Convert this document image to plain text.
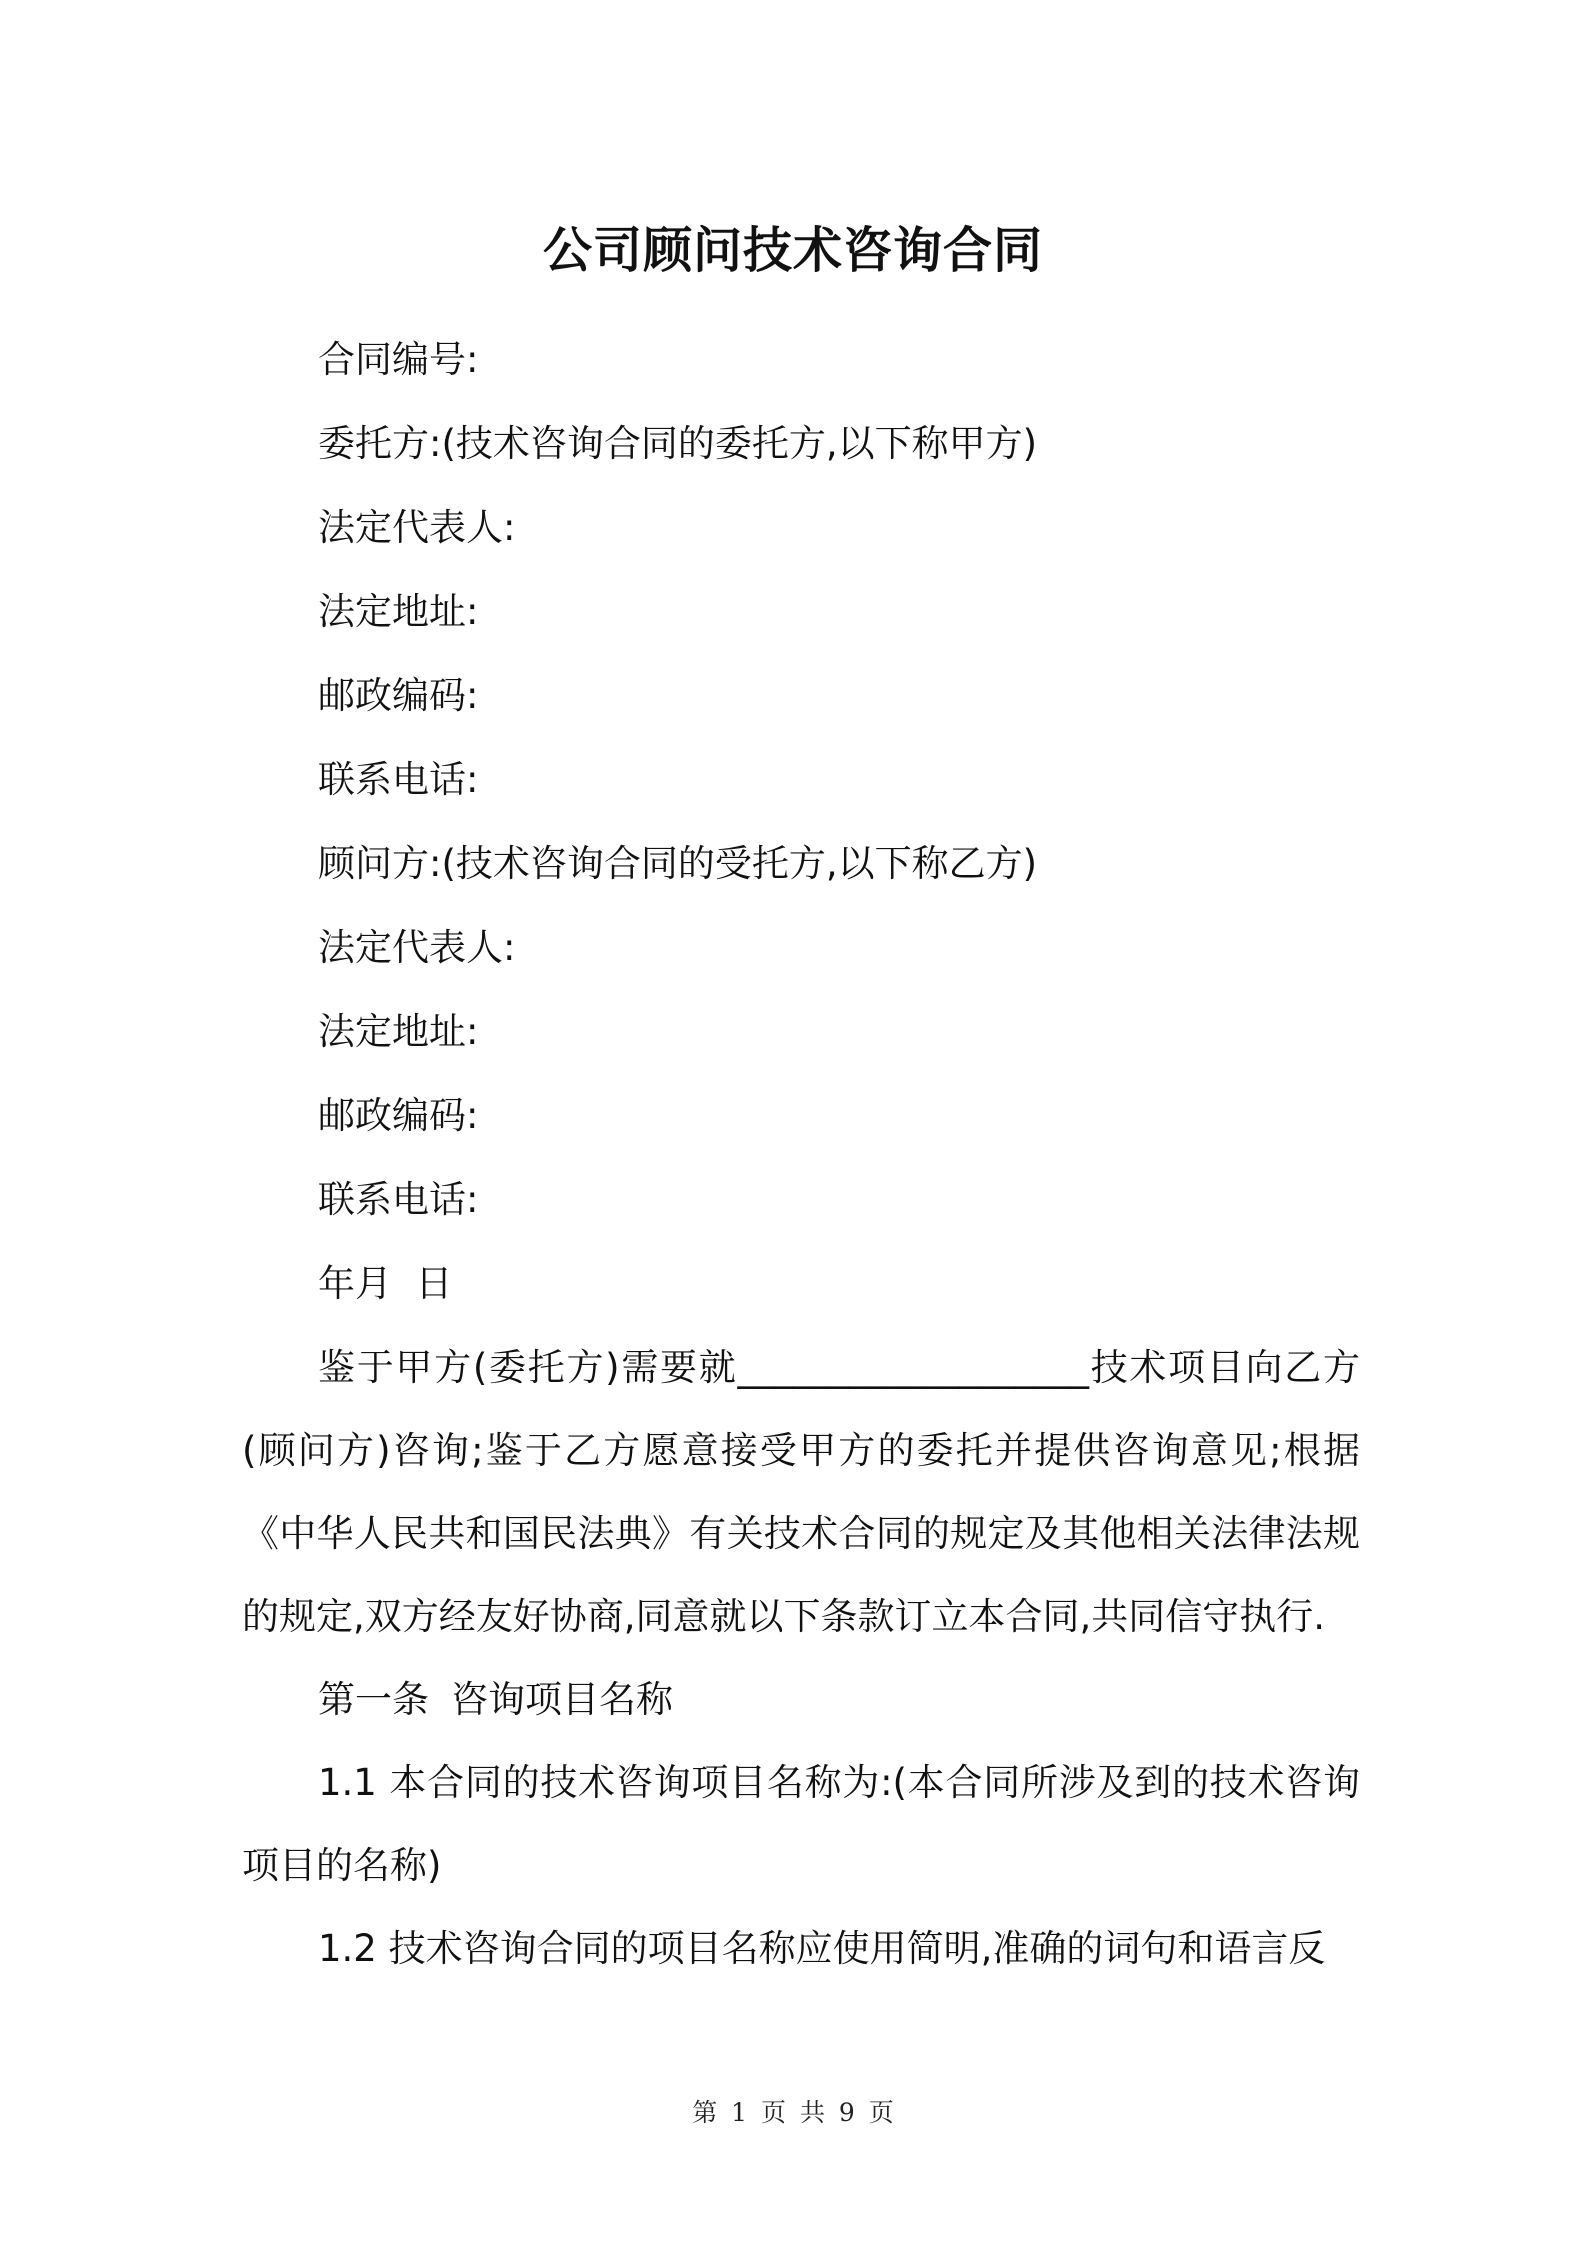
公司顾问技术咨询合同
合同编号:
委托方:(技术咨询合同的委托方,以下称甲方)
法定代表人:
法定地址:
邮政编码:
联系电话:
顾问方:(技术咨询合同的受托方,以下称乙方)
法定代表人:
法定地址:
邮政编码:
联系电话:
年月  日

鉴于甲方(委托方)需要就___________________技术项目向乙方(顾问方)咨询;鉴于乙方愿意接受甲方的委托并提供咨询意见;根据《中华人民共和国民法典》有关技术合同的规定及其他相关法律法规的规定,双方经友好协商,同意就以下条款订立本合同,共同信守执行.

第一条 咨询项目名称

1.1 本合同的技术咨询项目名称为:(本合同所涉及到的技术咨询项目的名称)

1.2 技术咨询合同的项目名称应使用简明,准确的词句和语言反

第 1 页 共 9 页
